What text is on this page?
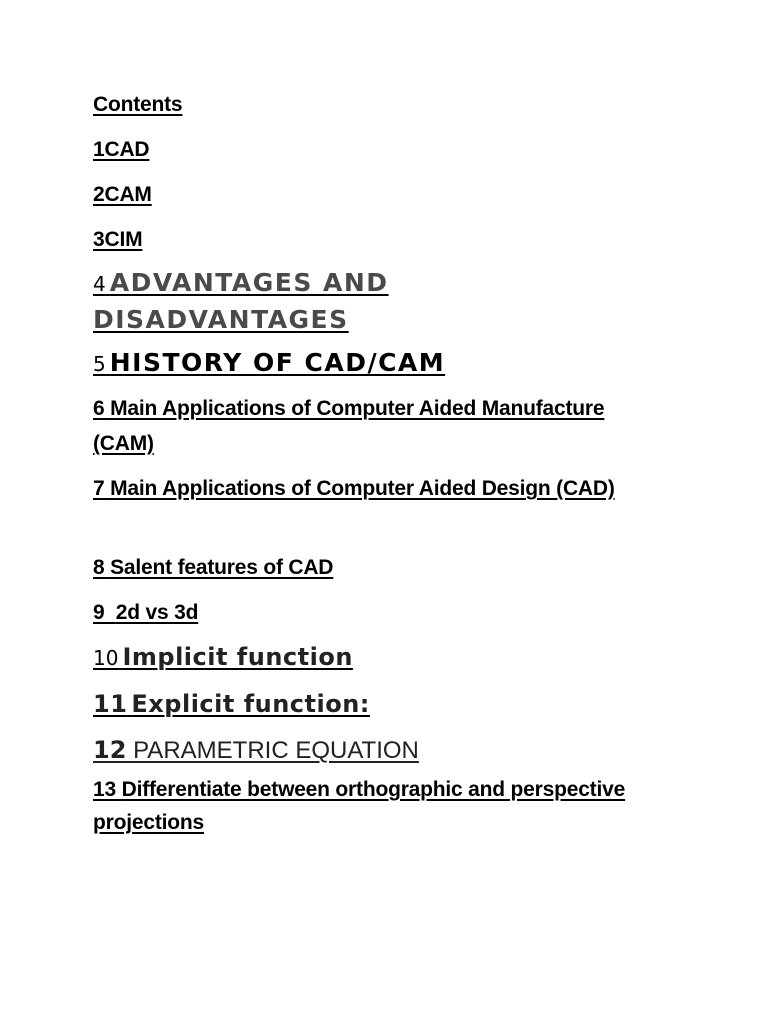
Contents

1CAD

2CAM

3CIM

4 ADVANTAGES AND DISADVANTAGES

5 HISTORY OF CAD/CAM

6 Main Applications of Computer Aided Manufacture (CAM)

7 Main Applications of Computer Aided Design (CAD)

8 Salent features of CAD

9 2d vs 3d

10 Implicit function

11 Explicit function:

12 PARAMETRIC EQUATION

13 Differentiate between orthographic and perspective projections
